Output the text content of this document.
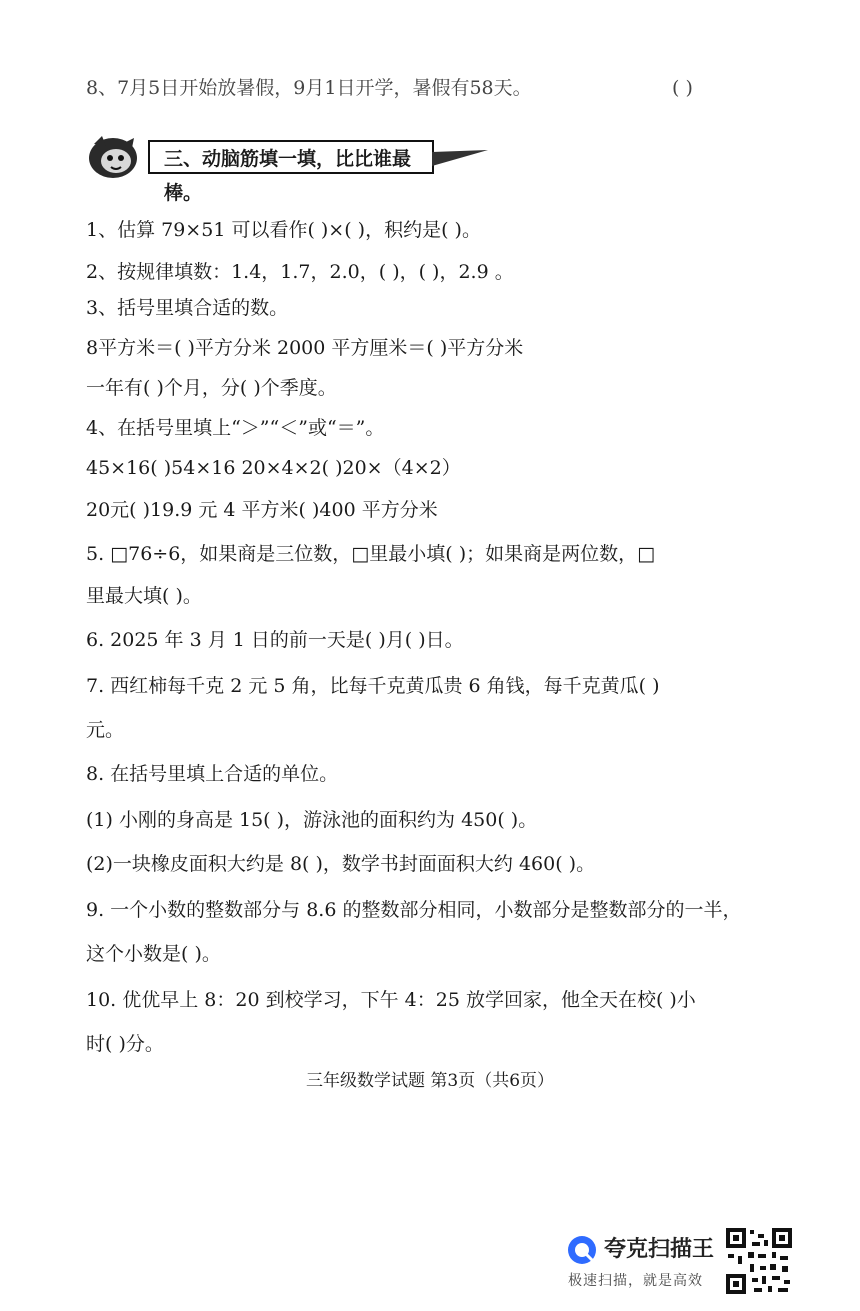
8、7月5日开始放暑假，9月1日开学，暑假有58天。	( )
三、动脑筋填一填，比比谁最棒。
1、估算 79×51 可以看作( )×( )，积约是( )。
2、按规律填数：1.4，1.7，2.0，( )，( )，2.9 。
3、括号里填合适的数。
8平方米＝( )平方分米 2000 平方厘米＝( )平方分米
一年有( )个月，分( )个季度。
4、在括号里填上“＞”“＜”或“＝”。
45×16( )54×16 20×4×2( )20×（4×2）
20元( )19.9 元 4 平方米( )400 平方分米
5. □76÷6，如果商是三位数，□里最小填( )；如果商是两位数，□
里最大填( )。
6. 2025 年 3 月 1 日的前一天是( )月( )日。
7. 西红柿每千克 2 元 5 角，比每千克黄瓜贵 6 角钱，每千克黄瓜( )
元。
8. 在括号里填上合适的单位。
(1) 小刚的身高是 15( )，游泳池的面积约为 450( )。
(2)一块橡皮面积大约是 8( )，数学书封面面积大约 460( )。
9. 一个小数的整数部分与 8.6 的整数部分相同，小数部分是整数部分的一半，
这个小数是( )。
10. 优优早上 8：20 到校学习，下午 4：25 放学回家，他全天在校( )小
时( )分。
三年级数学试题 第3页（共6页）
夸克扫描王
极速扫描，就是高效
